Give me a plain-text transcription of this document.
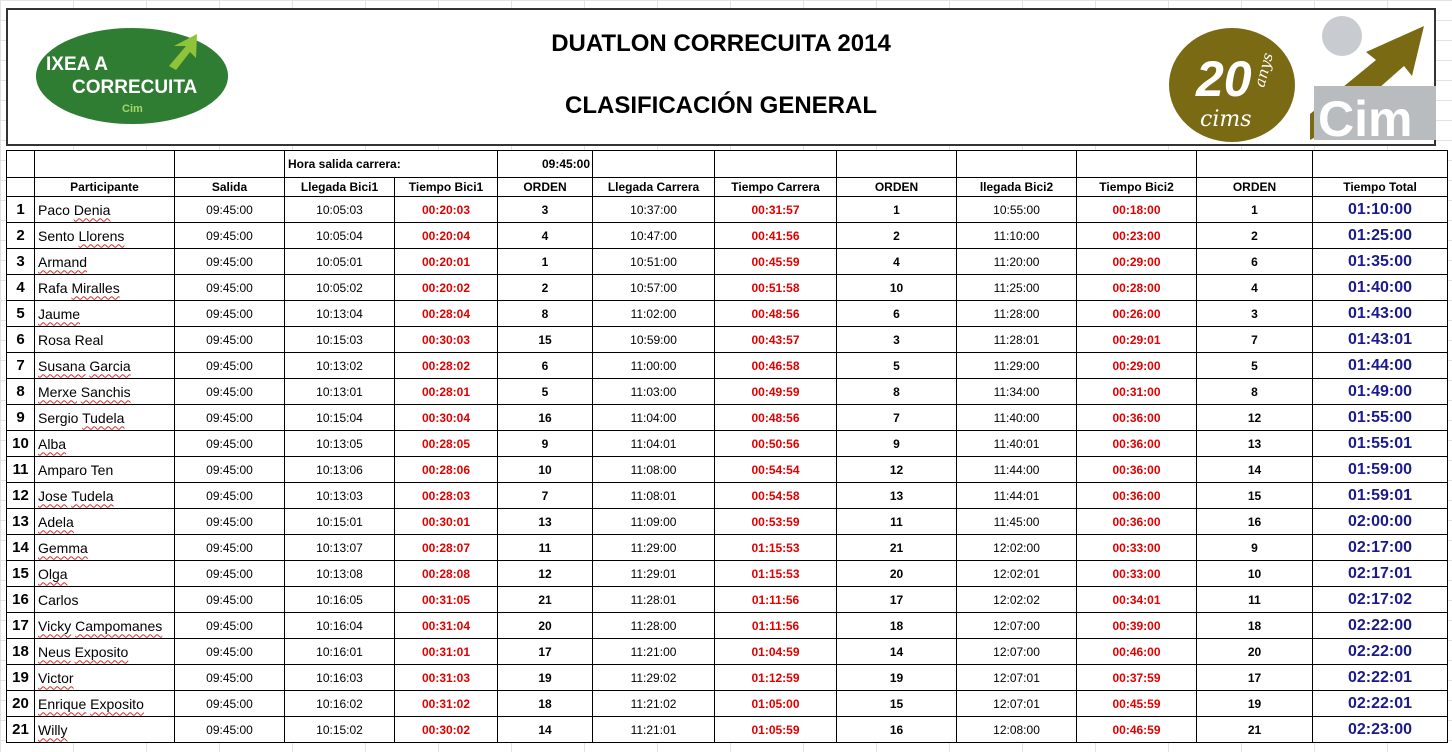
IXEA A
CORRECUITA
Cim
DUATLON CORRECUITA 2014
CLASIFICACIÓN GENERAL	20
cims
anys
Cim
			Hora salida carrera:		09:45:00							
	Participante	Salida	Llegada Bici1	Tiempo Bici1	ORDEN	Llegada Carrera	Tiempo Carrera	ORDEN	llegada Bici2	Tiempo Bici2	ORDEN	Tiempo Total
1	Paco Denia	09:45:00	10:05:03	00:20:03	3	10:37:00	00:31:57	1	10:55:00	00:18:00	1	01:10:00
2	Sento Llorens	09:45:00	10:05:04	00:20:04	4	10:47:00	00:41:56	2	11:10:00	00:23:00	2	01:25:00
3	Armand	09:45:00	10:05:01	00:20:01	1	10:51:00	00:45:59	4	11:20:00	00:29:00	6	01:35:00
4	Rafa Miralles	09:45:00	10:05:02	00:20:02	2	10:57:00	00:51:58	10	11:25:00	00:28:00	4	01:40:00
5	Jaume	09:45:00	10:13:04	00:28:04	8	11:02:00	00:48:56	6	11:28:00	00:26:00	3	01:43:00
6	Rosa Real	09:45:00	10:15:03	00:30:03	15	10:59:00	00:43:57	3	11:28:01	00:29:01	7	01:43:01
7	Susana Garcia	09:45:00	10:13:02	00:28:02	6	11:00:00	00:46:58	5	11:29:00	00:29:00	5	01:44:00
8	Merxe Sanchis	09:45:00	10:13:01	00:28:01	5	11:03:00	00:49:59	8	11:34:00	00:31:00	8	01:49:00
9	Sergio Tudela	09:45:00	10:15:04	00:30:04	16	11:04:00	00:48:56	7	11:40:00	00:36:00	12	01:55:00
10	Alba	09:45:00	10:13:05	00:28:05	9	11:04:01	00:50:56	9	11:40:01	00:36:00	13	01:55:01
11	Amparo Ten	09:45:00	10:13:06	00:28:06	10	11:08:00	00:54:54	12	11:44:00	00:36:00	14	01:59:00
12	Jose Tudela	09:45:00	10:13:03	00:28:03	7	11:08:01	00:54:58	13	11:44:01	00:36:00	15	01:59:01
13	Adela	09:45:00	10:15:01	00:30:01	13	11:09:00	00:53:59	11	11:45:00	00:36:00	16	02:00:00
14	Gemma	09:45:00	10:13:07	00:28:07	11	11:29:00	01:15:53	21	12:02:00	00:33:00	9	02:17:00
15	Olga	09:45:00	10:13:08	00:28:08	12	11:29:01	01:15:53	20	12:02:01	00:33:00	10	02:17:01
16	Carlos	09:45:00	10:16:05	00:31:05	21	11:28:01	01:11:56	17	12:02:02	00:34:01	11	02:17:02
17	Vicky Campomanes	09:45:00	10:16:04	00:31:04	20	11:28:00	01:11:56	18	12:07:00	00:39:00	18	02:22:00
18	Neus Exposito	09:45:00	10:16:01	00:31:01	17	11:21:00	01:04:59	14	12:07:00	00:46:00	20	02:22:00
19	Victor	09:45:00	10:16:03	00:31:03	19	11:29:02	01:12:59	19	12:07:01	00:37:59	17	02:22:01
20	Enrique Exposito	09:45:00	10:16:02	00:31:02	18	11:21:02	01:05:00	15	12:07:01	00:45:59	19	02:22:01
21	Willy	09:45:00	10:15:02	00:30:02	14	11:21:01	01:05:59	16	12:08:00	00:46:59	21	02:23:00
